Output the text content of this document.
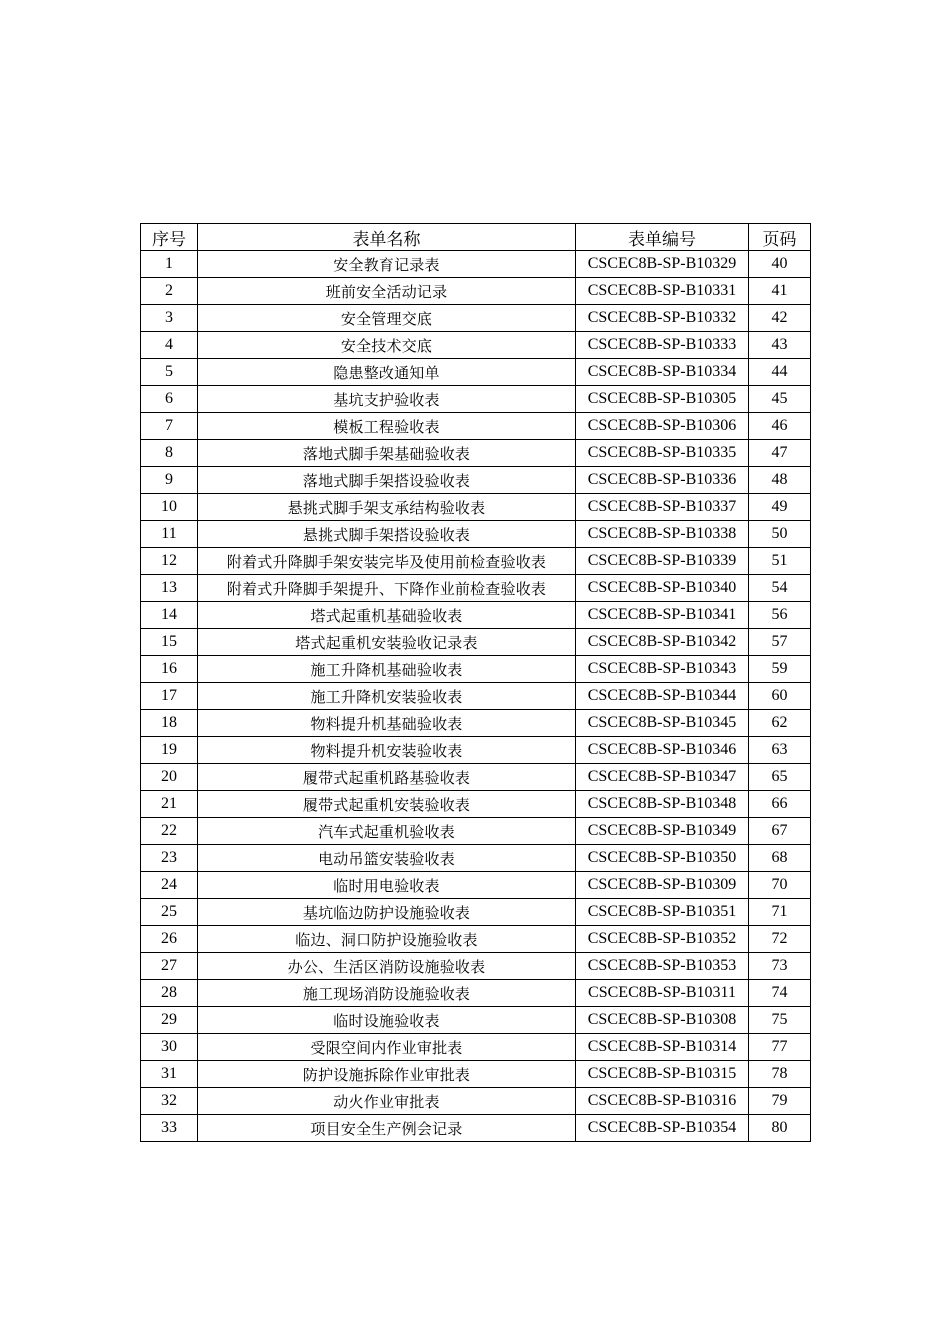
序号	表单名称	表单编号	页码
1	安全教育记录表	CSCEC8B-SP-B10329	40
2	班前安全活动记录	CSCEC8B-SP-B10331	41
3	安全管理交底	CSCEC8B-SP-B10332	42
4	安全技术交底	CSCEC8B-SP-B10333	43
5	隐患整改通知单	CSCEC8B-SP-B10334	44
6	基坑支护验收表	CSCEC8B-SP-B10305	45
7	模板工程验收表	CSCEC8B-SP-B10306	46
8	落地式脚手架基础验收表	CSCEC8B-SP-B10335	47
9	落地式脚手架搭设验收表	CSCEC8B-SP-B10336	48
10	悬挑式脚手架支承结构验收表	CSCEC8B-SP-B10337	49
11	悬挑式脚手架搭设验收表	CSCEC8B-SP-B10338	50
12	附着式升降脚手架安装完毕及使用前检查验收表	CSCEC8B-SP-B10339	51
13	附着式升降脚手架提升、下降作业前检查验收表	CSCEC8B-SP-B10340	54
14	塔式起重机基础验收表	CSCEC8B-SP-B10341	56
15	塔式起重机安装验收记录表	CSCEC8B-SP-B10342	57
16	施工升降机基础验收表	CSCEC8B-SP-B10343	59
17	施工升降机安装验收表	CSCEC8B-SP-B10344	60
18	物料提升机基础验收表	CSCEC8B-SP-B10345	62
19	物料提升机安装验收表	CSCEC8B-SP-B10346	63
20	履带式起重机路基验收表	CSCEC8B-SP-B10347	65
21	履带式起重机安装验收表	CSCEC8B-SP-B10348	66
22	汽车式起重机验收表	CSCEC8B-SP-B10349	67
23	电动吊篮安装验收表	CSCEC8B-SP-B10350	68
24	临时用电验收表	CSCEC8B-SP-B10309	70
25	基坑临边防护设施验收表	CSCEC8B-SP-B10351	71
26	临边、洞口防护设施验收表	CSCEC8B-SP-B10352	72
27	办公、生活区消防设施验收表	CSCEC8B-SP-B10353	73
28	施工现场消防设施验收表	CSCEC8B-SP-B10311	74
29	临时设施验收表	CSCEC8B-SP-B10308	75
30	受限空间内作业审批表	CSCEC8B-SP-B10314	77
31	防护设施拆除作业审批表	CSCEC8B-SP-B10315	78
32	动火作业审批表	CSCEC8B-SP-B10316	79
33	项目安全生产例会记录	CSCEC8B-SP-B10354	80
